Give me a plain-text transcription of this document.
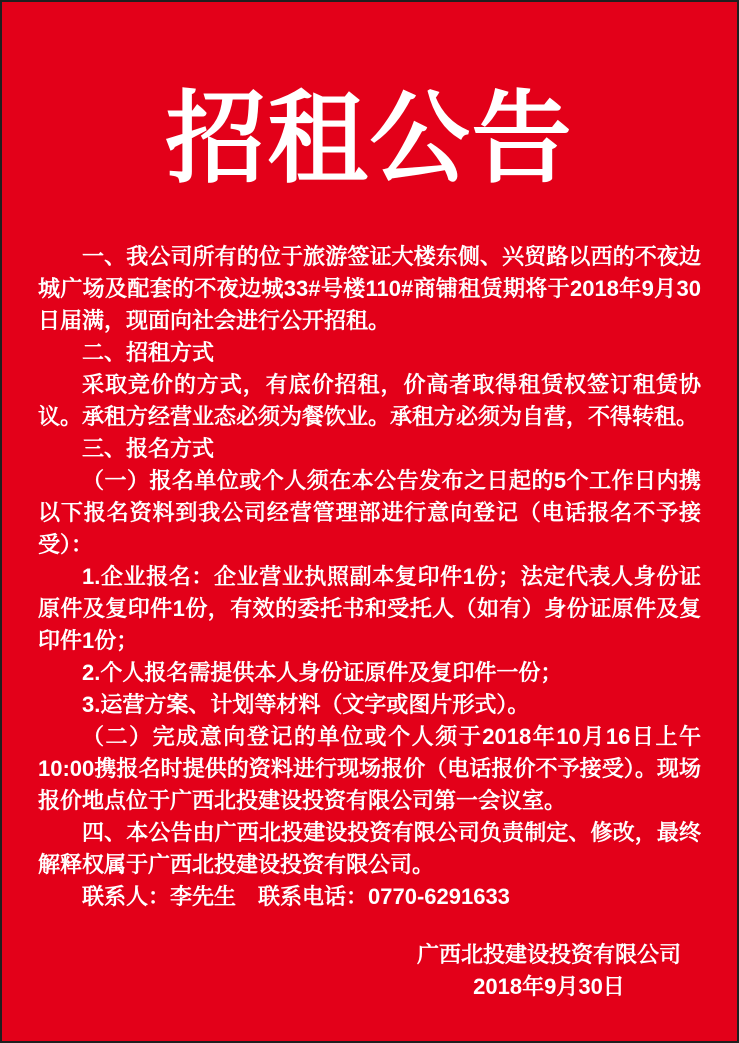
招租公告

一、我公司所有的位于旅游签证大楼东侧、兴贸路以西的不夜边城广场及配套的不夜边城33#号楼110#商铺租赁期将于2018年9月30日届满，现面向社会进行公开招租。

二、招租方式

采取竞价的方式，有底价招租，价高者取得租赁权签订租赁协议。承租方经营业态必须为餐饮业。承租方必须为自营，不得转租。

三、报名方式

（一）报名单位或个人须在本公告发布之日起的5个工作日内携以下报名资料到我公司经营管理部进行意向登记（电话报名不予接受）：

1.企业报名：企业营业执照副本复印件1份；法定代表人身份证原件及复印件1份，有效的委托书和受托人（如有）身份证原件及复印件1份；

2.个人报名需提供本人身份证原件及复印件一份；

3.运营方案、计划等材料（文字或图片形式）。

（二）完成意向登记的单位或个人须于2018年10月16日上午10:00携报名时提供的资料进行现场报价（电话报价不予接受）。现场报价地点位于广西北投建设投资有限公司第一会议室。

四、本公告由广西北投建设投资有限公司负责制定、修改，最终解释权属于广西北投建设投资有限公司。

联系人：李先生　联系电话：0770-6291633

广西北投建设投资有限公司

2018年9月30日
